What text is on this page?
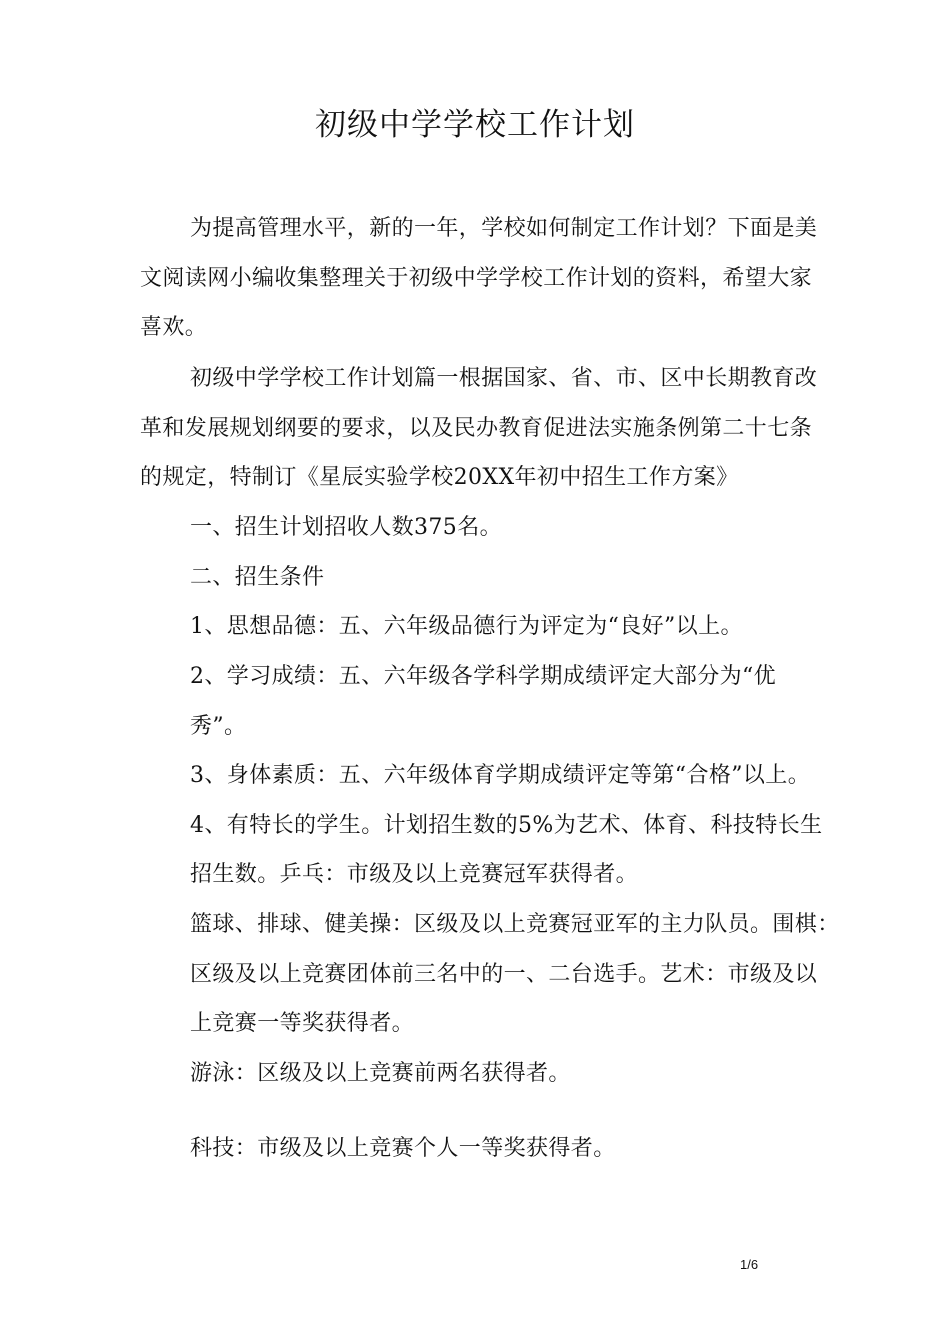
初级中学学校工作计划
为提高管理水平，新的一年，学校如何制定工作计划？下面是美
文阅读网小编收集整理关于初级中学学校工作计划的资料，希望大家
喜欢。
初级中学学校工作计划篇一根据国家、省、市、区中长期教育改
革和发展规划纲要的要求，以及民办教育促进法实施条例第二十七条
的规定，特制订《星辰实验学校20XX年初中招生工作方案》
一、招生计划招收人数375名。
二、招生条件
1、思想品德：五、六年级品德行为评定为“良好”以上。
2、学习成绩：五、六年级各学科学期成绩评定大部分为“优
秀”。
3、身体素质：五、六年级体育学期成绩评定等第“合格”以上。
4、有特长的学生。计划招生数的5%为艺术、体育、科技特长生
招生数。乒乓：市级及以上竞赛冠军获得者。
篮球、排球、健美操：区级及以上竞赛冠亚军的主力队员。围棋：
区级及以上竞赛团体前三名中的一、二台选手。艺术：市级及以
上竞赛一等奖获得者。
游泳：区级及以上竞赛前两名获得者。
科技：市级及以上竞赛个人一等奖获得者。
1/6
